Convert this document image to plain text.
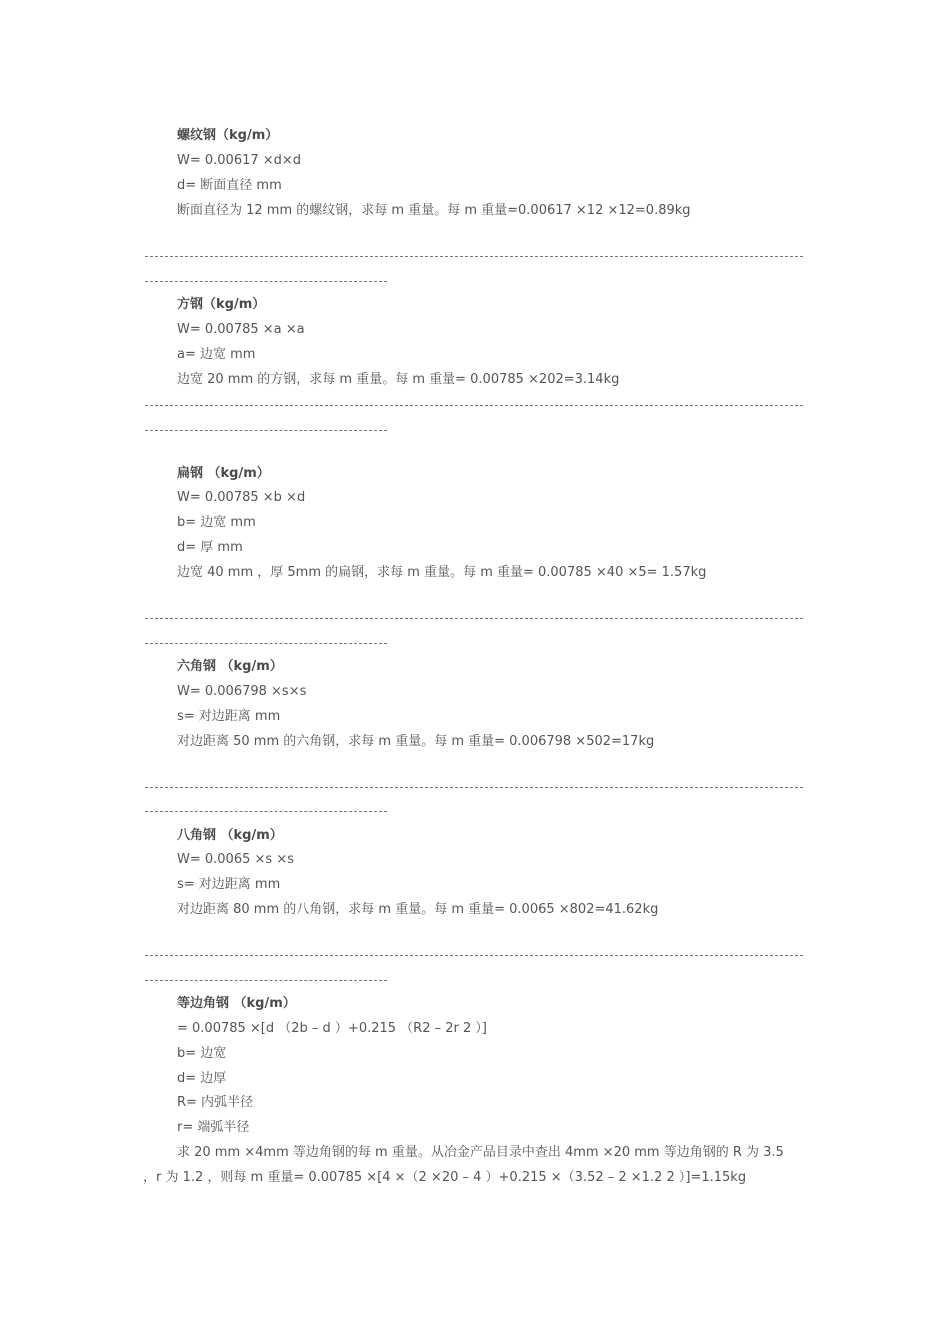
螺纹钢（kg/m）
W= 0.00617 ×d×d
d= 断面直径 mm
断面直径为 12 mm 的螺纹钢，求每 m 重量。每 m 重量=0.00617 ×12 ×12=0.89kg
方钢（kg/m）
W= 0.00785 ×a ×a
a= 边宽 mm
边宽 20 mm 的方钢，求每 m 重量。每 m 重量= 0.00785 ×202=3.14kg
扁钢 （kg/m）
W= 0.00785 ×b ×d
b= 边宽 mm
d= 厚 mm
边宽 40 mm ，厚 5mm 的扁钢，求每 m 重量。每 m 重量= 0.00785 ×40 ×5= 1.57kg
六角钢 （kg/m）
W= 0.006798 ×s×s
s= 对边距离 mm
对边距离 50 mm 的六角钢，求每 m 重量。每 m 重量= 0.006798 ×502=17kg
八角钢 （kg/m）
W= 0.0065 ×s ×s
s= 对边距离 mm
对边距离 80 mm 的八角钢，求每 m 重量。每 m 重量= 0.0065 ×802=41.62kg
等边角钢 （kg/m）
= 0.00785 ×[d （2b – d ）+0.215 （R2 – 2r 2 ）]
b= 边宽
d= 边厚
R= 内弧半径
r= 端弧半径
求 20 mm ×4mm 等边角钢的每 m 重量。从冶金产品目录中查出 4mm ×20 mm 等边角钢的 R 为 3.5
，r 为 1.2 ，则每 m 重量= 0.00785 ×[4 ×（2 ×20 – 4 ）+0.215 ×（3.52 – 2 ×1.2 2 ）]=1.15kg
